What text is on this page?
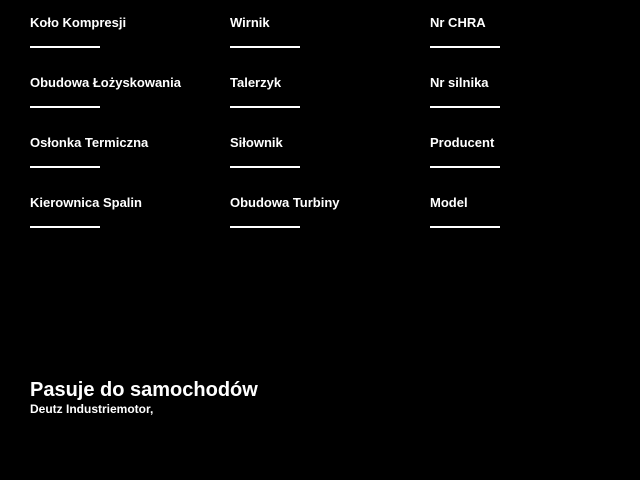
Koło Kompresji	Wirnik	Nr CHRA
Obudowa Łożyskowania	Talerzyk	Nr silnika
Osłonka Termiczna	Siłownik	Producent
Kierownica Spalin	Obudowa Turbiny	Model
Pasuje do samochodów

Deutz Industriemotor,
